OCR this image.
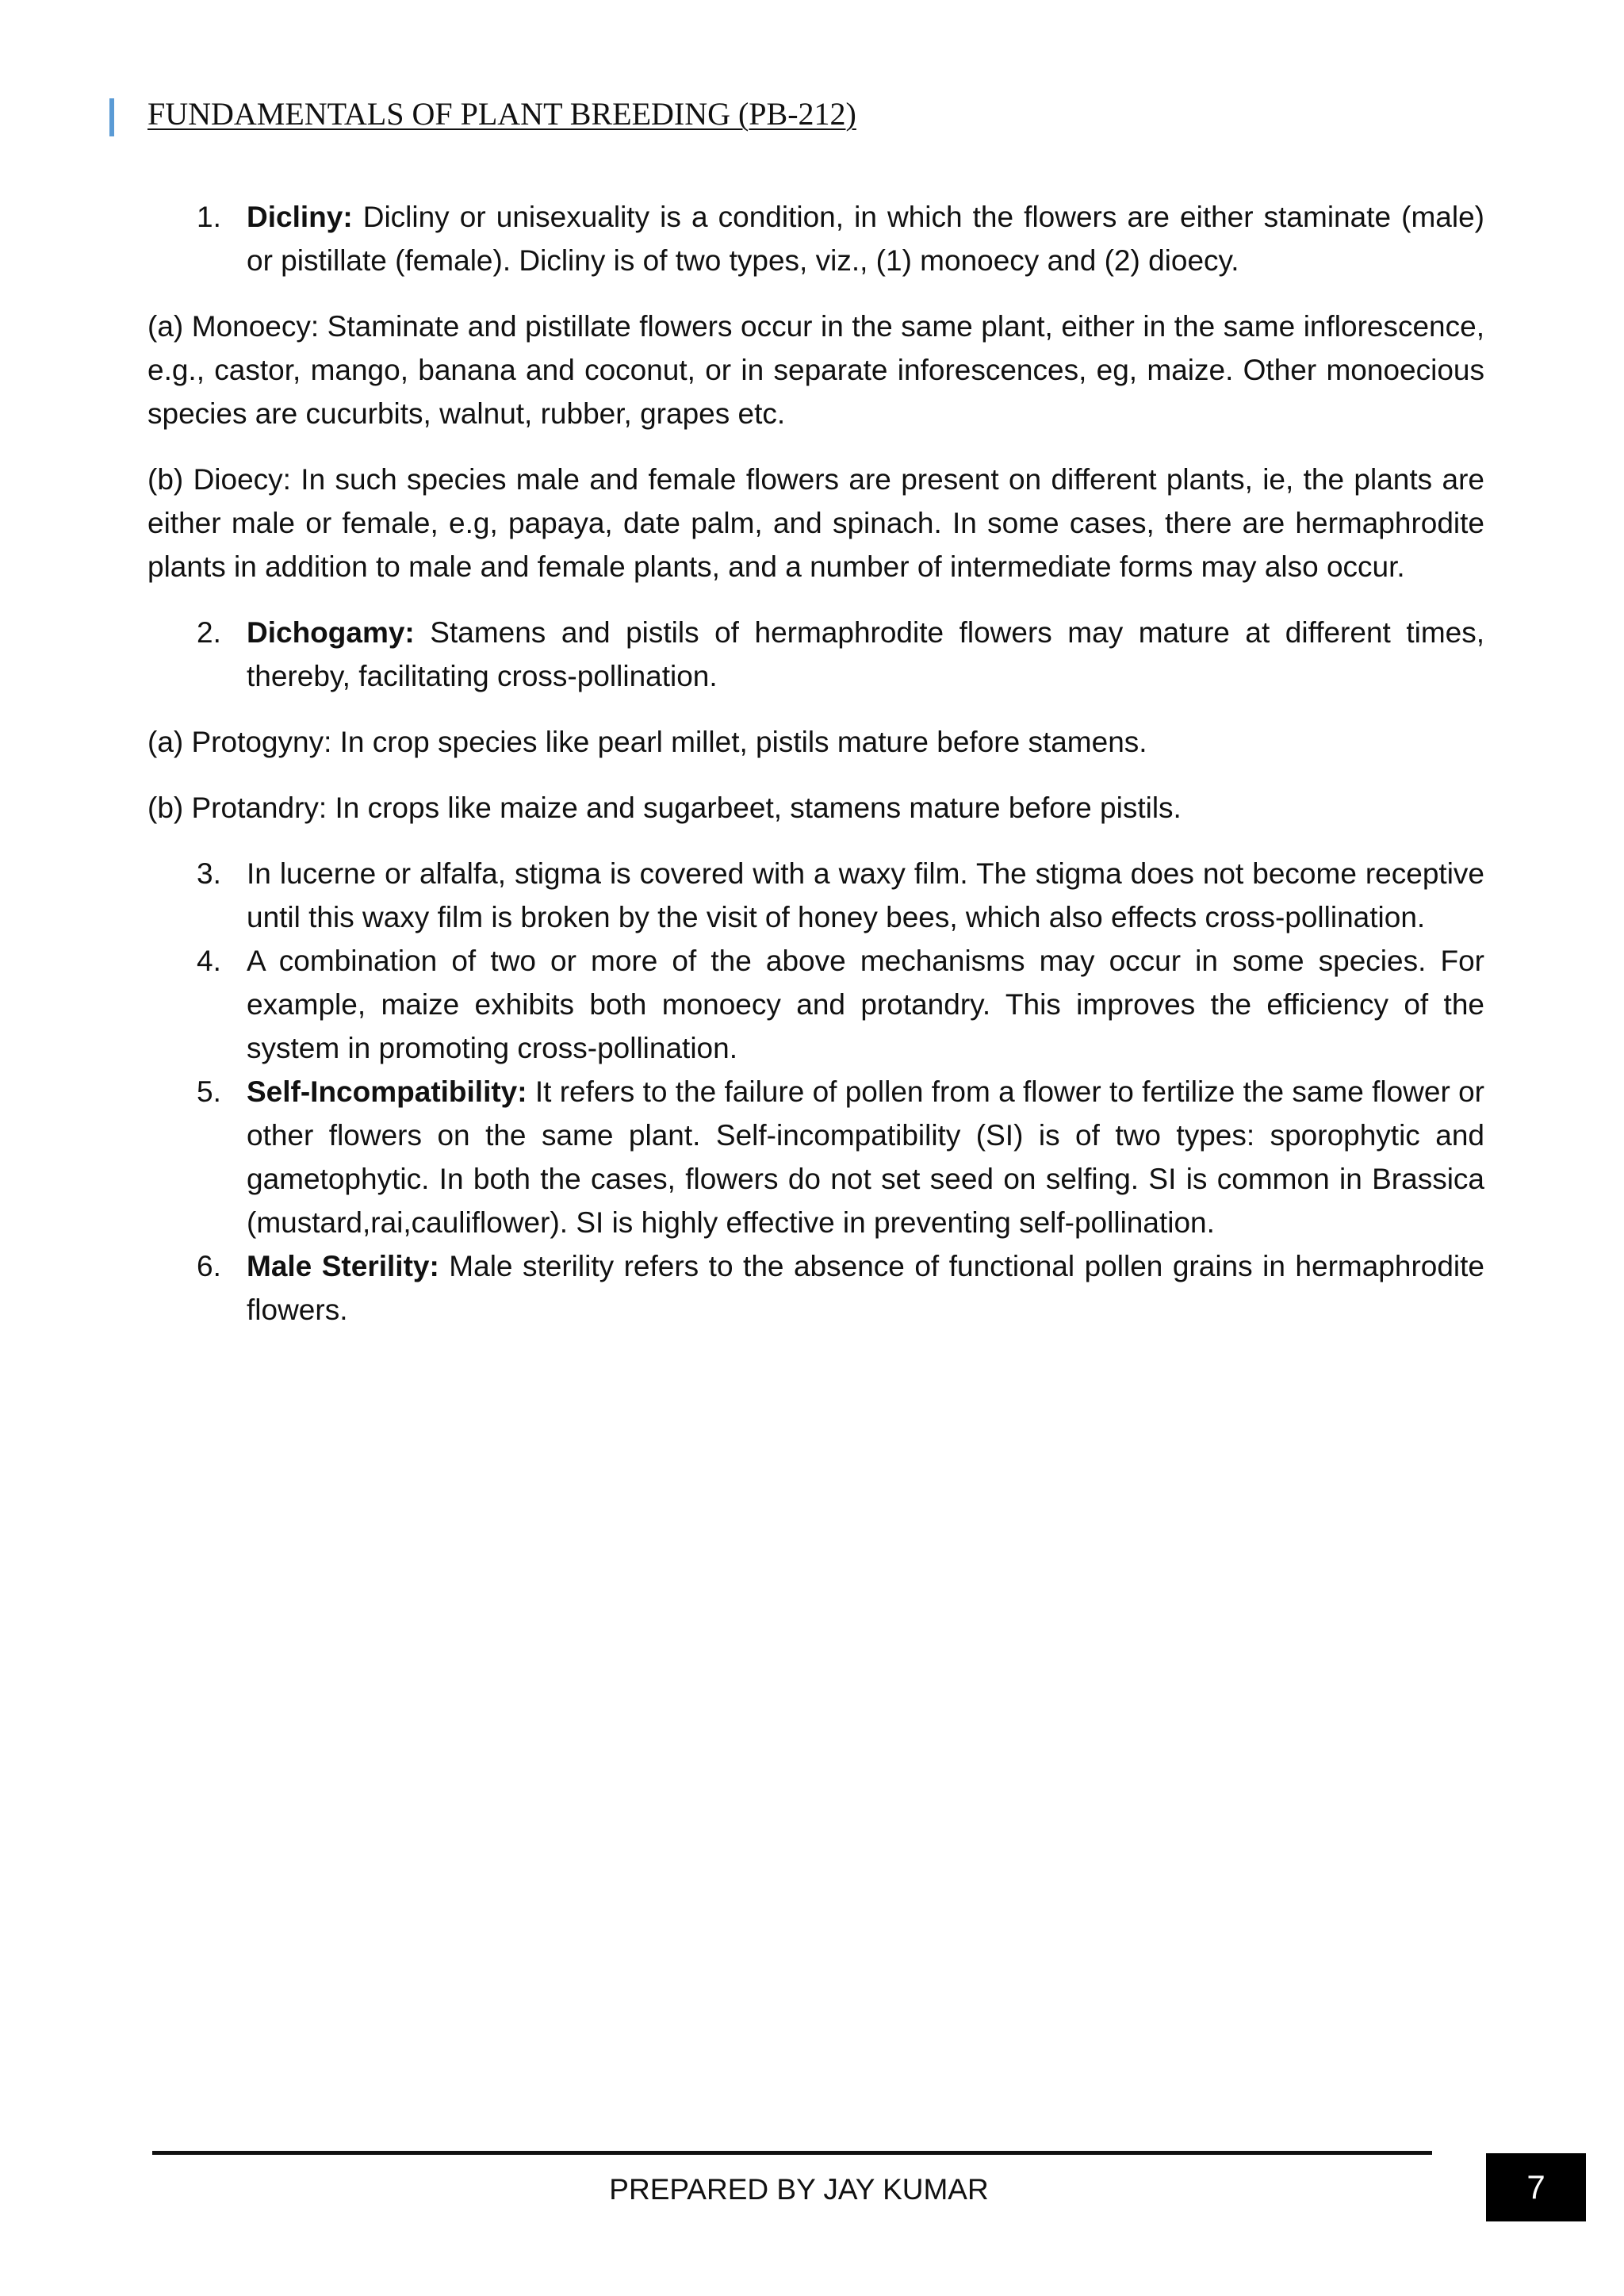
FUNDAMENTALS OF PLANT BREEDING (PB-212)
1. Dicliny: Dicliny or unisexuality is a condition, in which the flowers are either staminate (male) or pistillate (female). Dicliny is of two types, viz., (1) monoecy and (2) dioecy.

(a) Monoecy: Staminate and pistillate flowers occur in the same plant, either in the same inflorescence, e.g., castor, mango, banana and coconut, or in separate inforescences, eg, maize. Other monoecious species are cucurbits, walnut, rubber, grapes etc.

(b) Dioecy: In such species male and female flowers are present on different plants, ie, the plants are either male or female, e.g, papaya, date palm, and spinach. In some cases, there are hermaphrodite plants in addition to male and female plants, and a number of intermediate forms may also occur.

2. Dichogamy: Stamens and pistils of hermaphrodite flowers may mature at different times, thereby, facilitating cross-pollination.

(a) Protogyny: In crop species like pearl millet, pistils mature before stamens.

(b) Protandry: In crops like maize and sugarbeet, stamens mature before pistils.

3. In lucerne or alfalfa, stigma is covered with a waxy film. The stigma does not become receptive until this waxy film is broken by the visit of honey bees, which also effects cross-pollination.
4. A combination of two or more of the above mechanisms may occur in some species. For example, maize exhibits both monoecy and protandry. This improves the efficiency of the system in promoting cross-pollination.
5. Self-Incompatibility: It refers to the failure of pollen from a flower to fertilize the same flower or other flowers on the same plant. Self-incompatibility (SI) is of two types: sporophytic and gametophytic. In both the cases, flowers do not set seed on selfing. SI is common in Brassica (mustard,rai,cauliflower). SI is highly effective in preventing self-pollination.
6. Male Sterility: Male sterility refers to the absence of functional pollen grains in hermaphrodite flowers.
PREPARED BY JAY KUMAR	7
